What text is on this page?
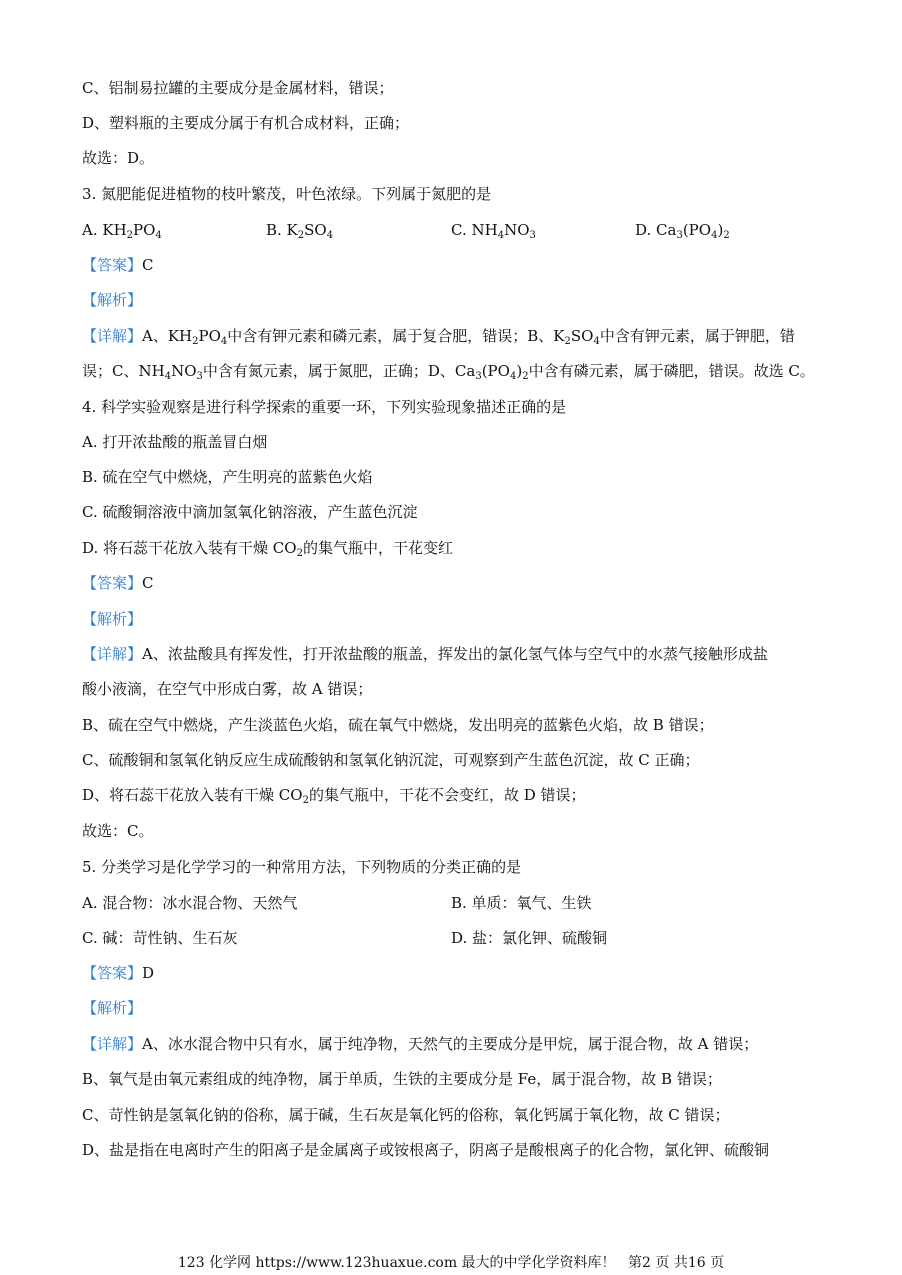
C、铝制易拉罐的主要成分是金属材料，错误；
D、塑料瓶的主要成分属于有机合成材料，正确；
故选：D。
3. 氮肥能促进植物的枝叶繁茂，叶色浓绿。下列属于氮肥的是
A. $KH_2PO_4$	B. $K_2SO_4$	C. $NH_4NO_3$	D. $Ca_3(PO_4)_2$
【答案】C
【解析】
【详解】A、$KH_2PO_4$中含有钾元素和磷元素，属于复合肥，错误；B、$K_2SO_4$中含有钾元素，属于钾肥，错
误；C、$NH_4NO_3$中含有氮元素，属于氮肥，正确；D、$Ca_3(PO_4)_2$中含有磷元素，属于磷肥，错误。故选 C。
4. 科学实验观察是进行科学探索的重要一环，下列实验现象描述正确的是
A. 打开浓盐酸的瓶盖冒白烟
B. 硫在空气中燃烧，产生明亮的蓝紫色火焰
C. 硫酸铜溶液中滴加氢氧化钠溶液，产生蓝色沉淀
D. 将石蕊干花放入装有干燥 $CO_2$的集气瓶中，干花变红
【答案】C
【解析】
【详解】A、浓盐酸具有挥发性，打开浓盐酸的瓶盖，挥发出的氯化氢气体与空气中的水蒸气接触形成盐
酸小液滴，在空气中形成白雾，故 A 错误；
B、硫在空气中燃烧，产生淡蓝色火焰，硫在氧气中燃烧，发出明亮的蓝紫色火焰，故 B 错误；
C、硫酸铜和氢氧化钠反应生成硫酸钠和氢氧化钠沉淀，可观察到产生蓝色沉淀，故 C 正确；
D、将石蕊干花放入装有干燥 $CO_2$的集气瓶中，干花不会变红，故 D 错误；
故选：C。
5. 分类学习是化学学习的一种常用方法，下列物质的分类正确的是
A. 混合物：冰水混合物、天然气	B. 单质：氧气、生铁
C. 碱：苛性钠、生石灰	D. 盐：氯化钾、硫酸铜
【答案】D
【解析】
【详解】A、冰水混合物中只有水，属于纯净物，天然气的主要成分是甲烷，属于混合物，故 A 错误；
B、氧气是由氧元素组成的纯净物，属于单质，生铁的主要成分是 Fe，属于混合物，故 B 错误；
C、苛性钠是氢氧化钠的俗称，属于碱，生石灰是氧化钙的俗称，氧化钙属于氧化物，故 C 错误；
D、盐是指在电离时产生的阳离子是金属离子或铵根离子，阴离子是酸根离子的化合物，氯化钾、硫酸铜
123 化学网 https://www.123huaxue.com 最大的中学化学资料库！ 第2 页 共16 页
